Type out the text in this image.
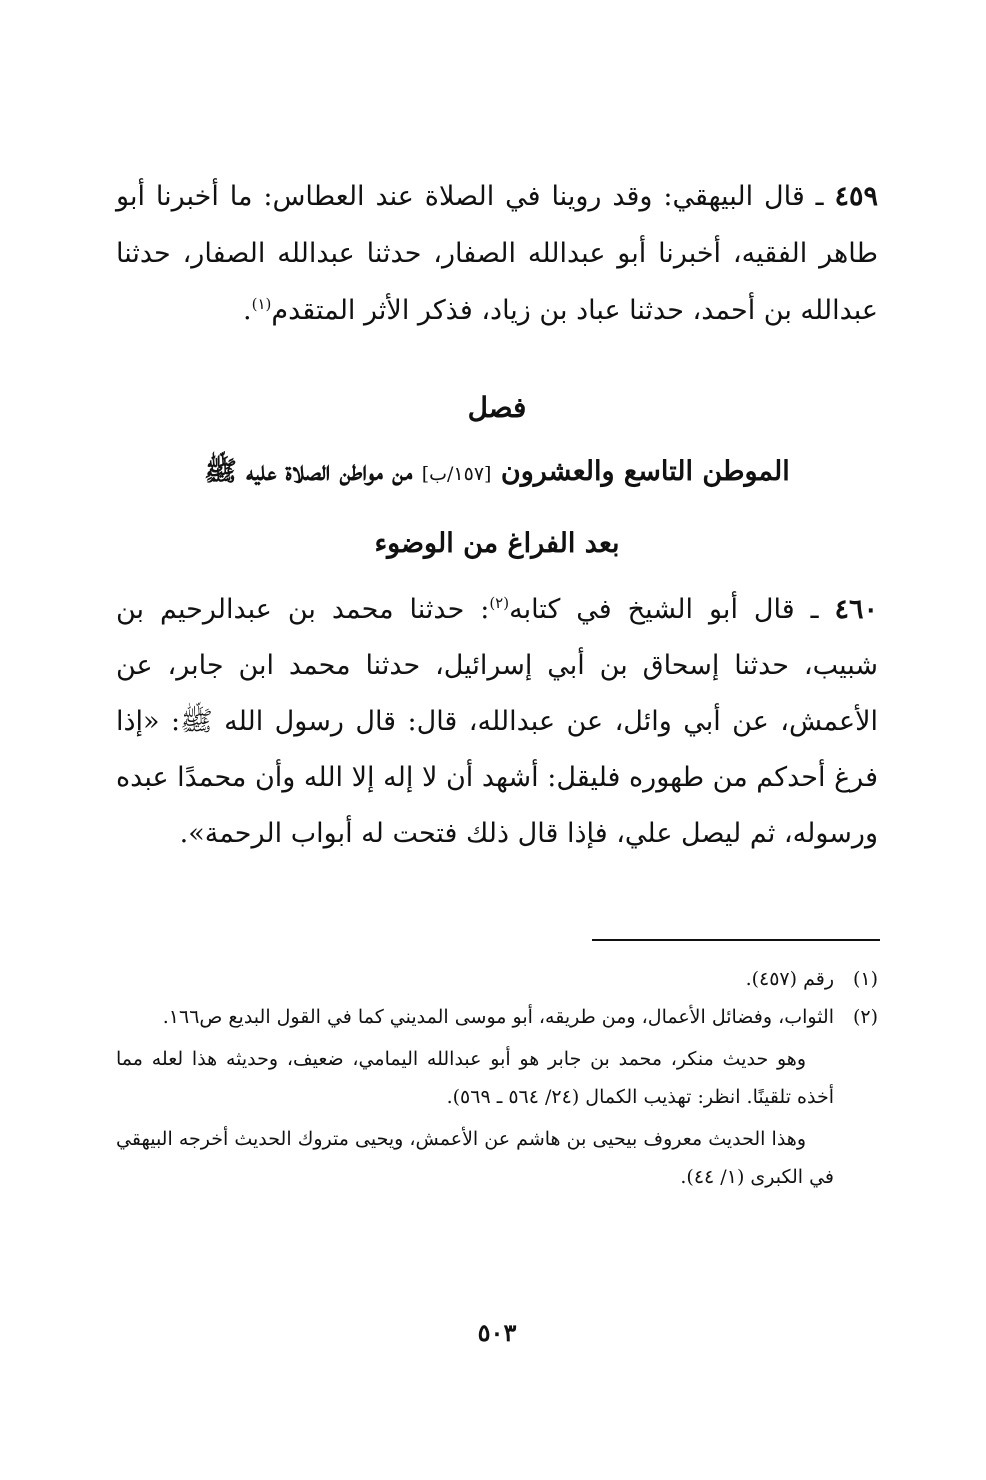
٤٥٩ ـ قال البيهقي: وقد روينا في الصلاة عند العطاس: ما أخبرنا أبو طاهر الفقيه، أخبرنا أبو عبدالله الصفار، حدثنا عبدالله الصفار، حدثنا عبدالله بن أحمد، حدثنا عباد بن زياد، فذكر الأثر المتقدم$^{(١)}$.
فصل
الموطن التاسع والعشرون [١٥٧/ب] من مواطن الصلاة عليه ﷺ
بعد الفراغ من الوضوء
٤٦٠ ـ قال أبو الشيخ في كتابه$^{(٢)}$: حدثنا محمد بن عبدالرحيم بن شبيب، حدثنا إسحاق بن أبي إسرائيل، حدثنا محمد ابن جابر، عن الأعمش، عن أبي وائل، عن عبدالله، قال: قال رسول الله ﷺ: «إذا فرغ أحدكم من طهوره فليقل: أشهد أن لا إله إلا الله وأن محمدًا عبده ورسوله، ثم ليصل علي، فإذا قال ذلك فتحت له أبواب الرحمة».
(١)
رقم (٤٥٧).
(٢)
الثواب، وفضائل الأعمال، ومن طريقه، أبو موسى المديني كما في القول البديع ص١٦٦.
وهو حديث منكر، محمد بن جابر هو أبو عبدالله اليمامي، ضعيف، وحديثه هذا لعله مما أخذه تلقينًا. انظر: تهذيب الكمال (٢٤/ ٥٦٤ ـ ٥٦٩).
وهذا الحديث معروف بيحيى بن هاشم عن الأعمش، ويحيى متروك الحديث أخرجه البيهقي في الكبرى (١/ ٤٤).
٥٠٣
